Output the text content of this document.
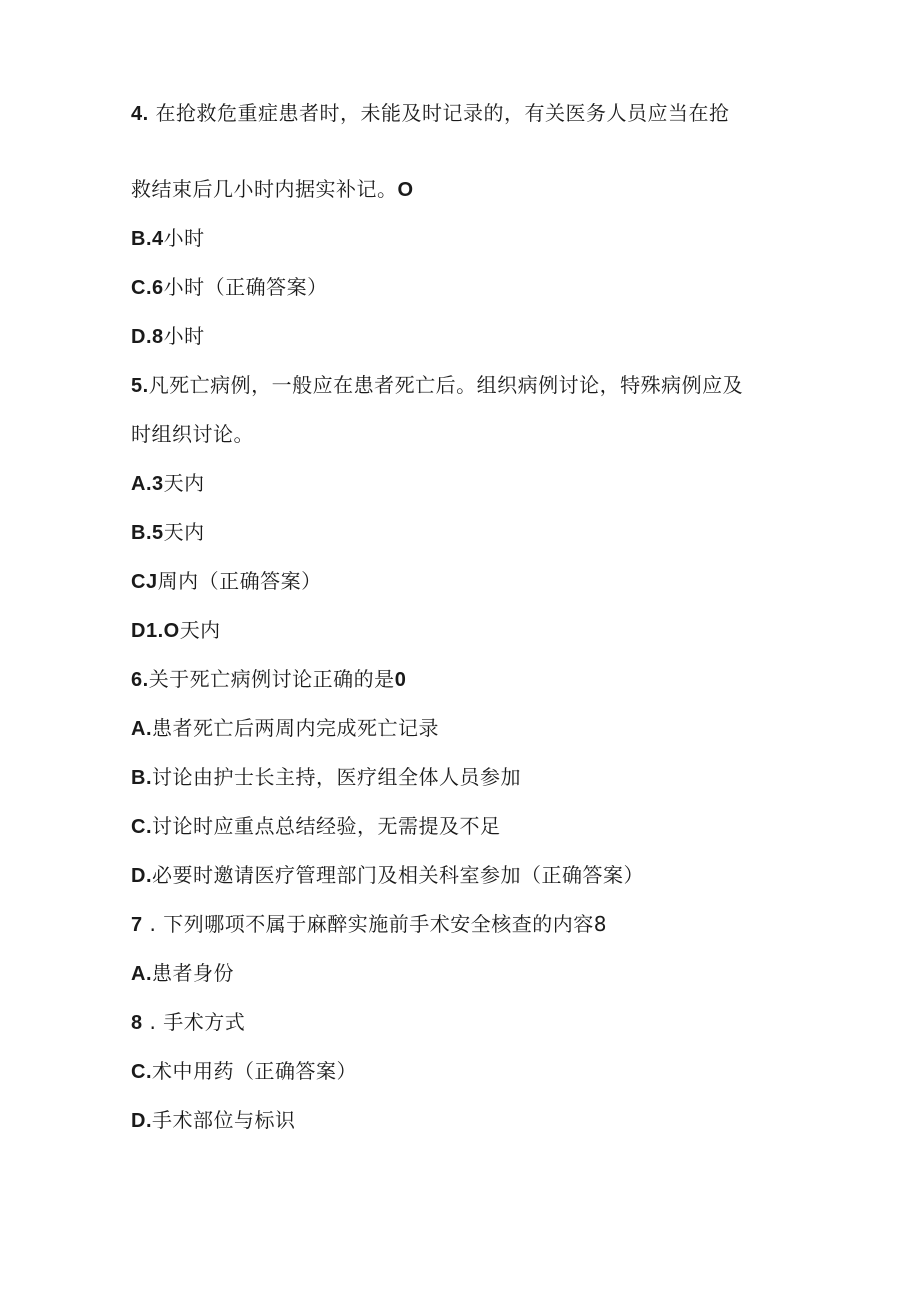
4. 在抢救危重症患者时，未能及时记录的，有关医务人员应当在抢
救结束后几小时内据实补记。O
B.4小时
C.6小时（正确答案）
D.8小时
5.凡死亡病例，一般应在患者死亡后。组织病例讨论，特殊病例应及
时组织讨论。
A.3天内
B.5天内
CJ周内（正确答案）
D1.O天内
6.关于死亡病例讨论正确的是0
A.患者死亡后两周内完成死亡记录
B.讨论由护士长主持，医疗组全体人员参加
C.讨论时应重点总结经验，无需提及不足
D.必要时邀请医疗管理部门及相关科室参加（正确答案）
7 . 下列哪项不属于麻醉实施前手术安全核查的内容8
A.患者身份
8 . 手术方式
C.术中用药（正确答案）
D.手术部位与标识
